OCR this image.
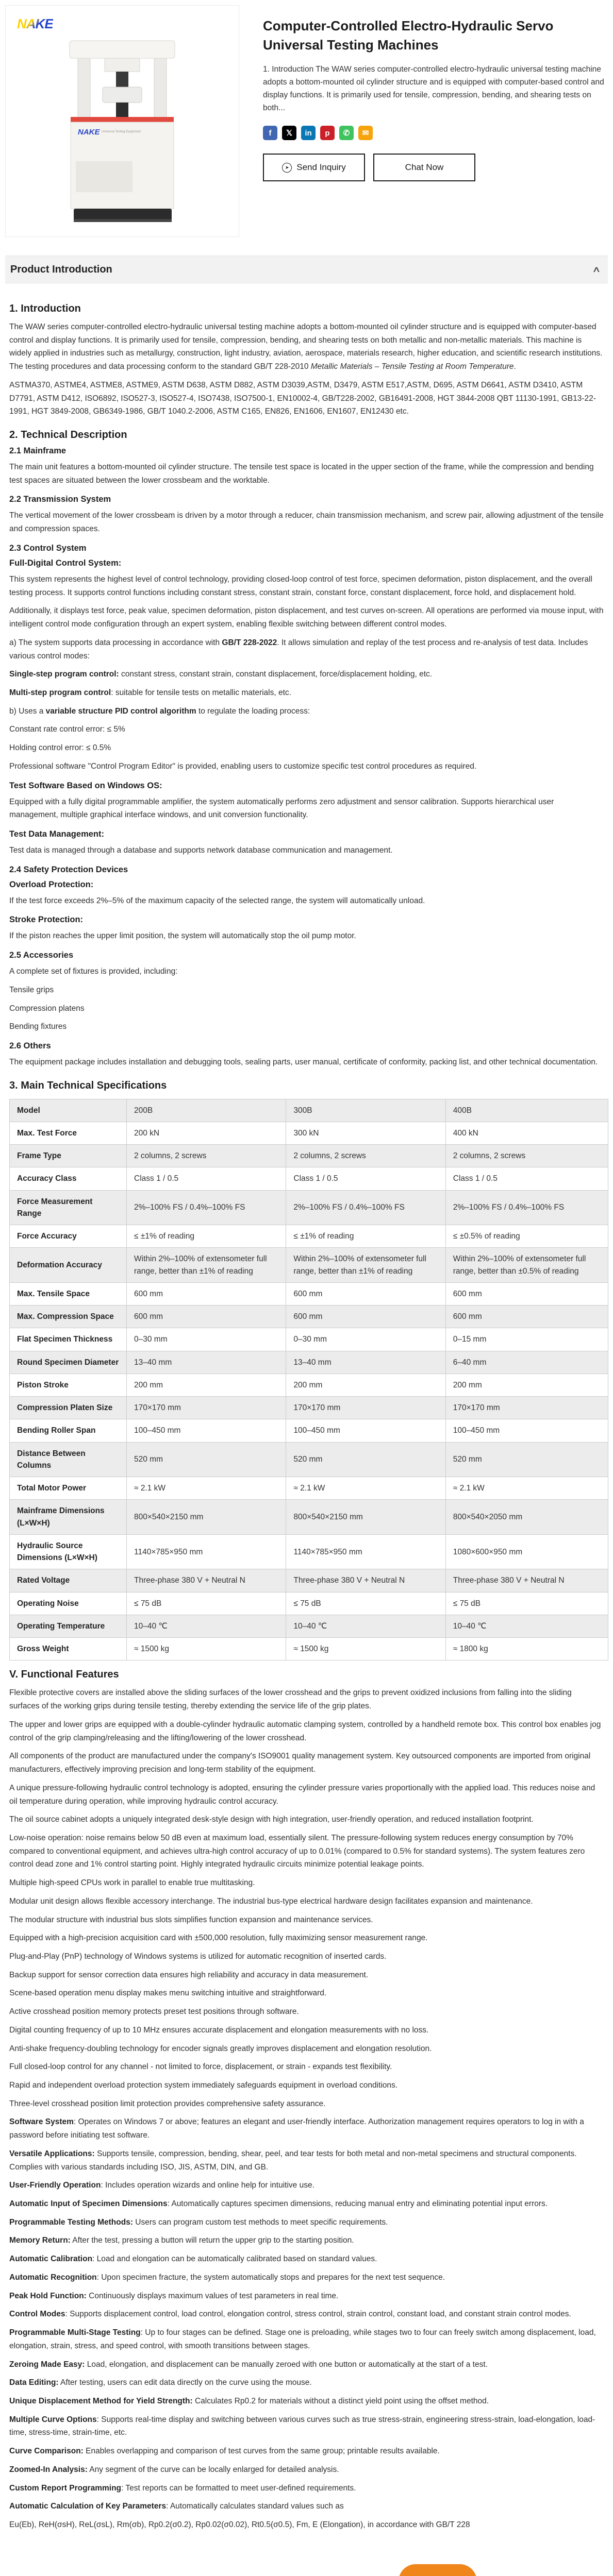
NAKE
NAKE Universal Testing Equipment
Computer-Controlled Electro-Hydraulic Servo Universal Testing Machines
1. Introduction The WAW series computer-controlled electro-hydraulic universal testing machine adopts a bottom-mounted oil cylinder structure and is equipped with computer-based control and display functions. It is primarily used for tensile, compression, bending, and shearing tests on both...
f	𝕏	in	p	✆	✉
➤ Send Inquiry	Chat Now
Product Introduction	∧
1. Introduction

The WAW series computer-controlled electro-hydraulic universal testing machine adopts a bottom-mounted oil cylinder structure and is equipped with computer-based control and display functions. It is primarily used for tensile, compression, bending, and shearing tests on both metallic and non-metallic materials. This machine is widely applied in industries such as metallurgy, construction, light industry, aviation, aerospace, materials research, higher education, and scientific research institutions. The testing procedures and data processing conform to the standard GB/T 228-2010 Metallic Materials – Tensile Testing at Room Temperature.

ASTMA370, ASTME4, ASTME8, ASTME9, ASTM D638, ASTM D882, ASTM D3039,ASTM, D3479, ASTM E517,ASTM, D695, ASTM D6641, ASTM D3410, ASTM D7791, ASTM D412, ISO6892, ISO527-3, ISO527-4, ISO7438, ISO7500-1, EN10002-4, GB/T228-2002, GB16491-2008, HGT 3844-2008 QBT 11130-1991, GB13-22-1991, HGT 3849-2008, GB6349-1986, GB/T 1040.2-2006, ASTM C165, EN826, EN1606, EN1607, EN12430 etc.

2. Technical Description
2.1 Mainframe

The main unit features a bottom-mounted oil cylinder structure. The tensile test space is located in the upper section of the frame, while the compression and bending test spaces are situated between the lower crossbeam and the worktable.

2.2 Transmission System

The vertical movement of the lower crossbeam is driven by a motor through a reducer, chain transmission mechanism, and screw pair, allowing adjustment of the tensile and compression spaces.

2.3 Control System
Full-Digital Control System:

This system represents the highest level of control technology, providing closed-loop control of test force, specimen deformation, piston displacement, and the overall testing process. It supports control functions including constant stress, constant strain, constant force, constant displacement, force hold, and displacement hold.

Additionally, it displays test force, peak value, specimen deformation, piston displacement, and test curves on-screen. All operations are performed via mouse input, with intelligent control mode configuration through an expert system, enabling flexible switching between different control modes.

a) The system supports data processing in accordance with GB/T 228-2022. It allows simulation and replay of the test process and re-analysis of test data. Includes various control modes:

Single-step program control: constant stress, constant strain, constant displacement, force/displacement holding, etc.

Multi-step program control: suitable for tensile tests on metallic materials, etc.

b) Uses a variable structure PID control algorithm to regulate the loading process:

Constant rate control error: ≤ 5%

Holding control error: ≤ 0.5%

Professional software "Control Program Editor" is provided, enabling users to customize specific test control procedures as required.

Test Software Based on Windows OS:

Equipped with a fully digital programmable amplifier, the system automatically performs zero adjustment and sensor calibration. Supports hierarchical user management, multiple graphical interface windows, and unit conversion functionality.

Test Data Management:

Test data is managed through a database and supports network database communication and management.

2.4 Safety Protection Devices
Overload Protection:

If the test force exceeds 2%–5% of the maximum capacity of the selected range, the system will automatically unload.

Stroke Protection:

If the piston reaches the upper limit position, the system will automatically stop the oil pump motor.

2.5 Accessories

A complete set of fixtures is provided, including:

Tensile grips

Compression platens

Bending fixtures

2.6 Others

The equipment package includes installation and debugging tools, sealing parts, user manual, certificate of conformity, packing list, and other technical documentation.

3. Main Technical Specifications
Model	200B	300B	400B
Max. Test Force	200 kN	300 kN	400 kN
Frame Type	2 columns, 2 screws	2 columns, 2 screws	2 columns, 2 screws
Accuracy Class	Class 1 / 0.5	Class 1 / 0.5	Class 1 / 0.5
Force Measurement Range	2%–100% FS / 0.4%–100% FS	2%–100% FS / 0.4%–100% FS	2%–100% FS / 0.4%–100% FS
Force Accuracy	≤ ±1% of reading	≤ ±1% of reading	≤ ±0.5% of reading
Deformation Accuracy	Within 2%–100% of extensometer full range, better than ±1% of reading	Within 2%–100% of extensometer full range, better than ±1% of reading	Within 2%–100% of extensometer full range, better than ±0.5% of reading
Max. Tensile Space	600 mm	600 mm	600 mm
Max. Compression Space	600 mm	600 mm	600 mm
Flat Specimen Thickness	0–30 mm	0–30 mm	0–15 mm
Round Specimen Diameter	13–40 mm	13–40 mm	6–40 mm
Piston Stroke	200 mm	200 mm	200 mm
Compression Platen Size	170×170 mm	170×170 mm	170×170 mm
Bending Roller Span	100–450 mm	100–450 mm	100–450 mm
Distance Between Columns	520 mm	520 mm	520 mm
Total Motor Power	≈ 2.1 kW	≈ 2.1 kW	≈ 2.1 kW
Mainframe Dimensions (L×W×H)	800×540×2150 mm	800×540×2150 mm	800×540×2050 mm
Hydraulic Source Dimensions (L×W×H)	1140×785×950 mm	1140×785×950 mm	1080×600×950 mm
Rated Voltage	Three-phase 380 V + Neutral N	Three-phase 380 V + Neutral N	Three-phase 380 V + Neutral N
Operating Noise	≤ 75 dB	≤ 75 dB	≤ 75 dB
Operating Temperature	10–40 ℃	10–40 ℃	10–40 ℃
Gross Weight	≈ 1500 kg	≈ 1500 kg	≈ 1800 kg
V. Functional Features

Flexible protective covers are installed above the sliding surfaces of the lower crosshead and the grips to prevent oxidized inclusions from falling into the sliding surfaces of the working grips during tensile testing, thereby extending the service life of the grip plates.

The upper and lower grips are equipped with a double-cylinder hydraulic automatic clamping system, controlled by a handheld remote box. This control box enables jog control of the grip clamping/releasing and the lifting/lowering of the lower crosshead.

All components of the product are manufactured under the company's ISO9001 quality management system. Key outsourced components are imported from original manufacturers, effectively improving precision and long-term stability of the equipment.

A unique pressure-following hydraulic control technology is adopted, ensuring the cylinder pressure varies proportionally with the applied load. This reduces noise and oil temperature during operation, while improving hydraulic control accuracy.

The oil source cabinet adopts a uniquely integrated desk-style design with high integration, user-friendly operation, and reduced installation footprint.

Low-noise operation: noise remains below 50 dB even at maximum load, essentially silent. The pressure-following system reduces energy consumption by 70% compared to conventional equipment, and achieves ultra-high control accuracy of up to 0.01% (compared to 0.5% for standard systems). The system features zero control dead zone and 1% control starting point. Highly integrated hydraulic circuits minimize potential leakage points.

Multiple high-speed CPUs work in parallel to enable true multitasking.

Modular unit design allows flexible accessory interchange. The industrial bus-type electrical hardware design facilitates expansion and maintenance.

The modular structure with industrial bus slots simplifies function expansion and maintenance services.

Equipped with a high-precision acquisition card with ±500,000 resolution, fully maximizing sensor measurement range.

Plug-and-Play (PnP) technology of Windows systems is utilized for automatic recognition of inserted cards.

Backup support for sensor correction data ensures high reliability and accuracy in data measurement.

Scene-based operation menu display makes menu switching intuitive and straightforward.

Active crosshead position memory protects preset test positions through software.

Digital counting frequency of up to 10 MHz ensures accurate displacement and elongation measurements with no loss.

Anti-shake frequency-doubling technology for encoder signals greatly improves displacement and elongation resolution.

Full closed-loop control for any channel - not limited to force, displacement, or strain - expands test flexibility.

Rapid and independent overload protection system immediately safeguards equipment in overload conditions.

Three-level crosshead position limit protection provides comprehensive safety assurance.

Software System: Operates on Windows 7 or above; features an elegant and user-friendly interface. Authorization management requires operators to log in with a password before initiating test software.

Versatile Applications: Supports tensile, compression, bending, shear, peel, and tear tests for both metal and non-metal specimens and structural components. Complies with various standards including ISO, JIS, ASTM, DIN, and GB.

User-Friendly Operation: Includes operation wizards and online help for intuitive use.

Automatic Input of Specimen Dimensions: Automatically captures specimen dimensions, reducing manual entry and eliminating potential input errors.

Programmable Testing Methods: Users can program custom test methods to meet specific requirements.

Memory Return: After the test, pressing a button will return the upper grip to the starting position.

Automatic Calibration: Load and elongation can be automatically calibrated based on standard values.

Automatic Recognition: Upon specimen fracture, the system automatically stops and prepares for the next test sequence.

Peak Hold Function: Continuously displays maximum values of test parameters in real time.

Control Modes: Supports displacement control, load control, elongation control, stress control, strain control, constant load, and constant strain control modes.

Programmable Multi-Stage Testing: Up to four stages can be defined. Stage one is preloading, while stages two to four can freely switch among displacement, load, elongation, strain, stress, and speed control, with smooth transitions between stages.

Zeroing Made Easy: Load, elongation, and displacement can be manually zeroed with one button or automatically at the start of a test.

Data Editing: After testing, users can edit data directly on the curve using the mouse.

Unique Displacement Method for Yield Strength: Calculates Rp0.2 for materials without a distinct yield point using the offset method.

Multiple Curve Options: Supports real-time display and switching between various curves such as true stress-strain, engineering stress-strain, load-elongation, load-time, stress-time, strain-time, etc.

Curve Comparison: Enables overlapping and comparison of test curves from the same group; printable results available.

Zoomed-In Analysis: Any segment of the curve can be locally enlarged for detailed analysis.

Custom Report Programming: Test reports can be formatted to meet user-defined requirements.

Automatic Calculation of Key Parameters: Automatically calculates standard values such as

Eu(Eb), ReH(σsH), ReL(σsL), Rm(σb), Rp0.2(σ0.2), Rp0.02(σ0.02), Rt0.5(σ0.5), Fm, E (Elongation), in accordance with GB/T 228
